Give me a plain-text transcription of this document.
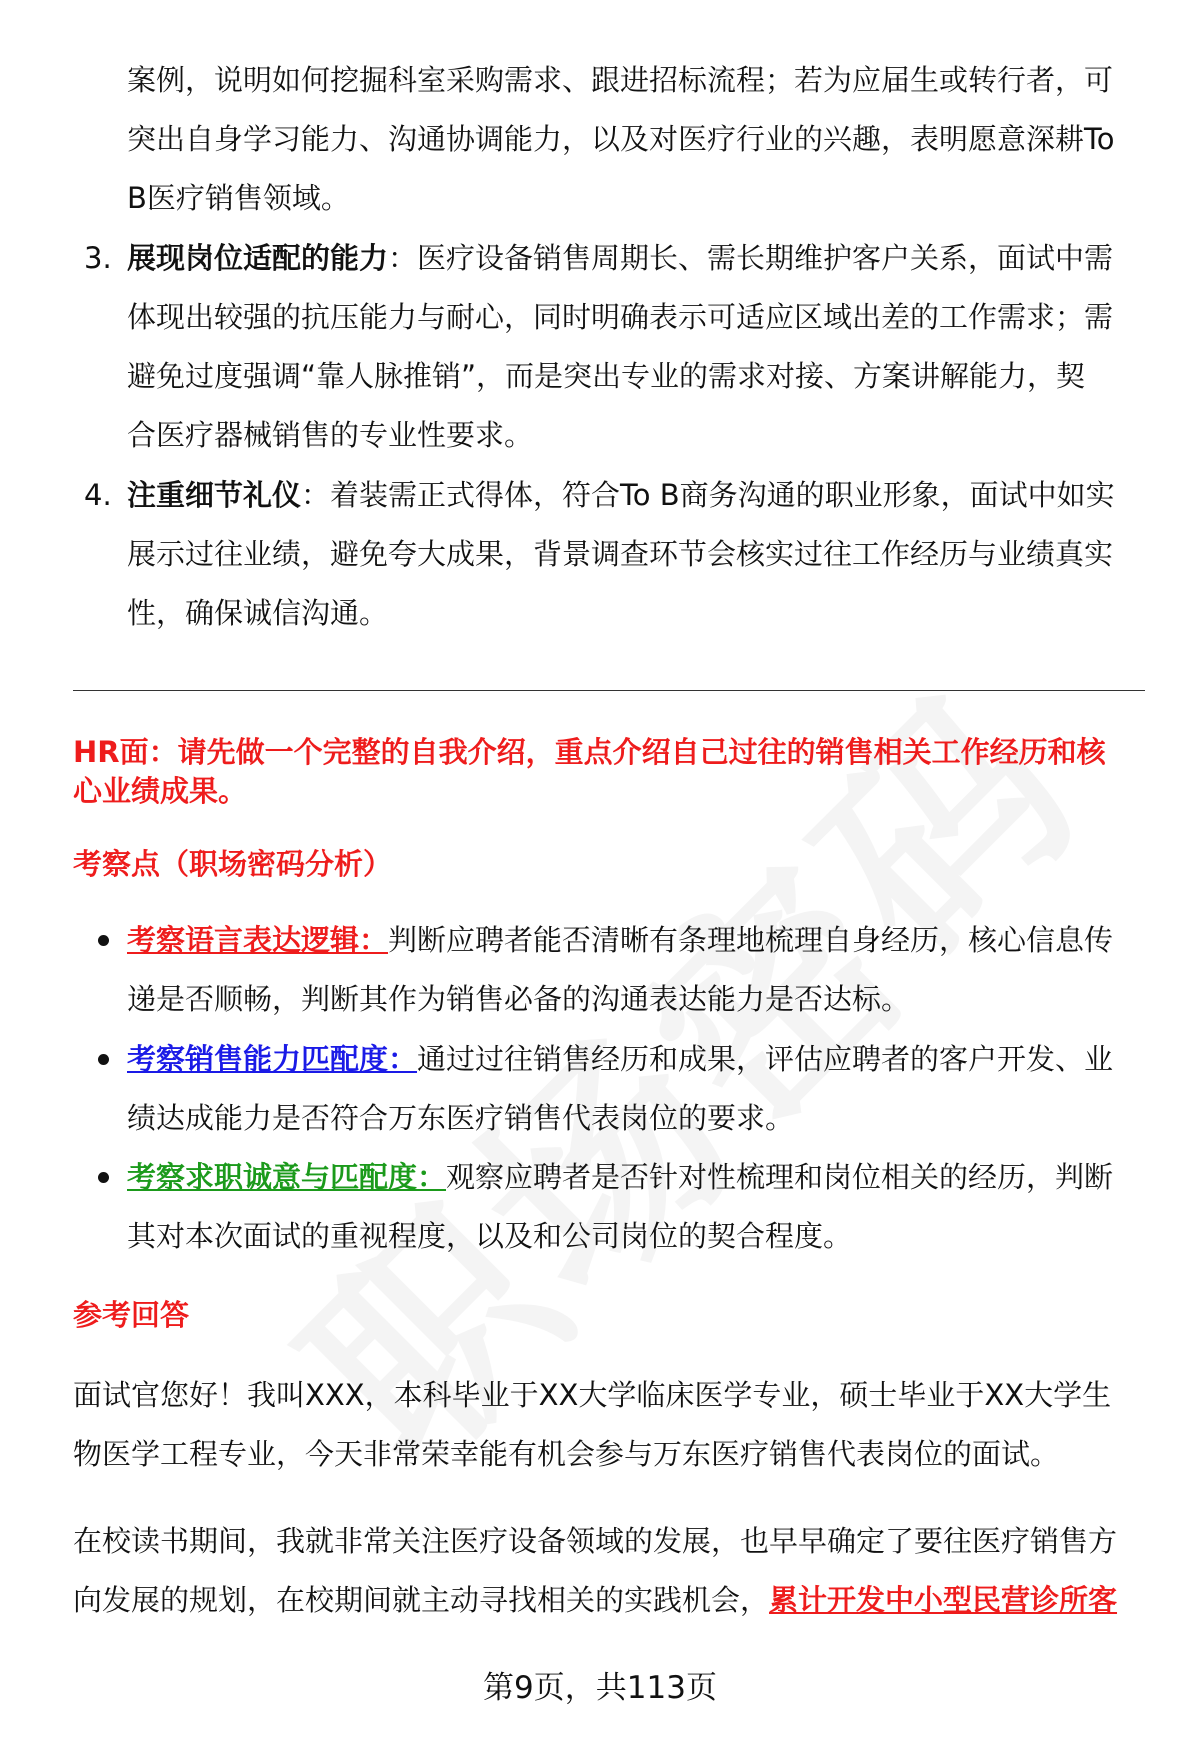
案例，说明如何挖掘科室采购需求、跟进招标流程；若为应届生或转行者，可
突出自身学习能力、沟通协调能力，以及对医疗行业的兴趣，表明愿意深耕To
B医疗销售领域。
3. 展现岗位适配的能力：医疗设备销售周期长、需长期维护客户关系，面试中需
体现出较强的抗压能力与耐心，同时明确表示可适应区域出差的工作需求；需
避免过度强调“靠人脉推销”，而是突出专业的需求对接、方案讲解能力，契
合医疗器械销售的专业性要求。
4. 注重细节礼仪：着装需正式得体，符合To B商务沟通的职业形象，面试中如实
展示过往业绩，避免夸大成果，背景调查环节会核实过往工作经历与业绩真实
性，确保诚信沟通。
HR面：请先做一个完整的自我介绍，重点介绍自己过往的销售相关工作经历和核
心业绩成果。
考察点（职场密码分析）
考察语言表达逻辑：判断应聘者能否清晰有条理地梳理自身经历，核心信息传
递是否顺畅，判断其作为销售必备的沟通表达能力是否达标。
考察销售能力匹配度：通过过往销售经历和成果，评估应聘者的客户开发、业
绩达成能力是否符合万东医疗销售代表岗位的要求。
考察求职诚意与匹配度：观察应聘者是否针对性梳理和岗位相关的经历，判断
其对本次面试的重视程度，以及和公司岗位的契合程度。
参考回答
面试官您好！我叫XXX，本科毕业于XX大学临床医学专业，硕士毕业于XX大学生
物医学工程专业，今天非常荣幸能有机会参与万东医疗销售代表岗位的面试。
在校读书期间，我就非常关注医疗设备领域的发展，也早早确定了要往医疗销售方
向发展的规划，在校期间就主动寻找相关的实践机会，累计开发中小型民营诊所客
第9页，共113页
